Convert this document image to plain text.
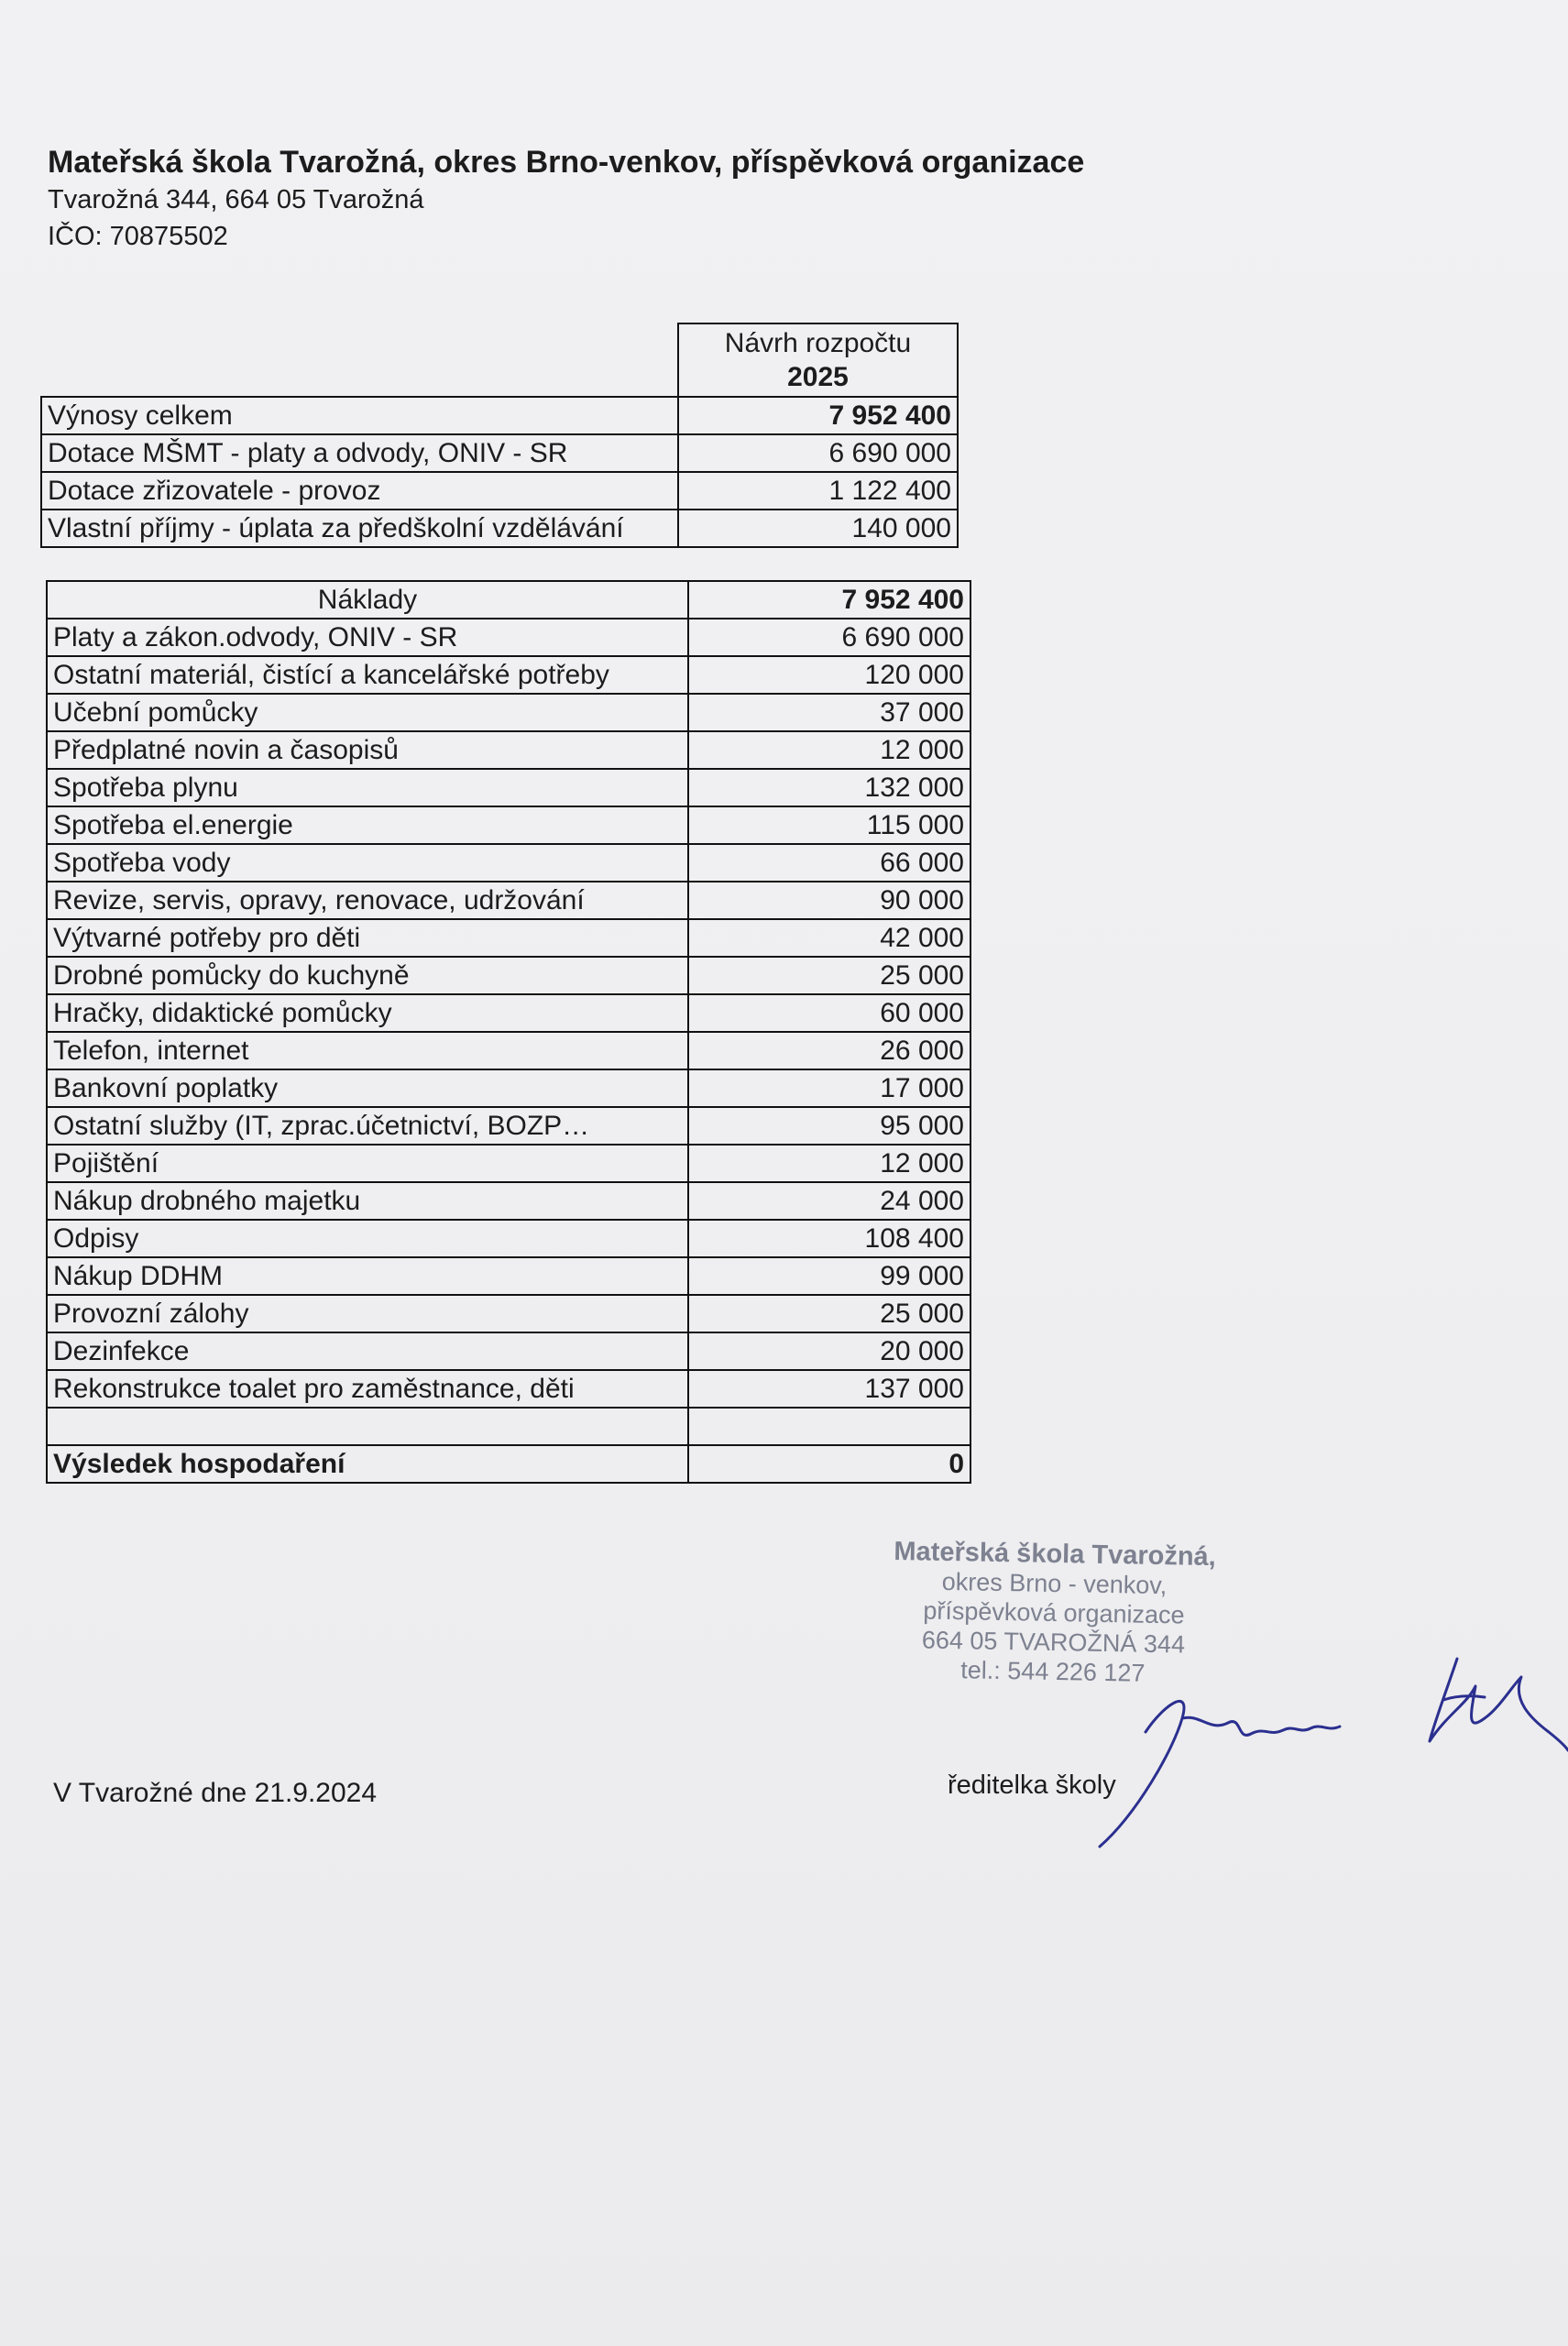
Mateřská škola Tvarožná, okres Brno-venkov, příspěvková organizace
Tvarožná 344, 664 05 Tvarožná
IČO: 70875502

	Návrh rozpočtu
2025

Výnosy celkem	7 952 400
Dotace MŠMT - platy a odvody, ONIV - SR	6 690 000
Dotace zřizovatele - provoz	1 122 400
Vlastní příjmy - úplata za předškolní vzdělávání	140 000
Náklady	7 952 400
Platy a zákon.odvody, ONIV - SR	6 690 000
Ostatní materiál, čistící a kancelářské potřeby	120 000
Učební pomůcky	37 000
Předplatné novin a časopisů	12 000
Spotřeba plynu	132 000
Spotřeba el.energie	115 000
Spotřeba vody	66 000
Revize, servis, opravy, renovace, udržování	90 000
Výtvarné potřeby pro děti	42 000
Drobné pomůcky do kuchyně	25 000
Hračky, didaktické pomůcky	60 000
Telefon, internet	26 000
Bankovní poplatky	17 000
Ostatní služby (IT, zprac.účetnictví, BOZP…	95 000
Pojištění	12 000
Nákup drobného majetku	24 000
Odpisy	108 400
Nákup DDHM	99 000
Provozní zálohy	25 000
Dezinfekce	20 000
Rekonstrukce toalet pro zaměstnance, děti	137 000

Výsledek hospodaření	0
Mateřská škola Tvarožná,
okres Brno - venkov,
příspěvková organizace
664 05 TVAROŽNÁ 344
tel.: 544 226 127
V Tvarožné dne 21.9.2024	ředitelka školy
